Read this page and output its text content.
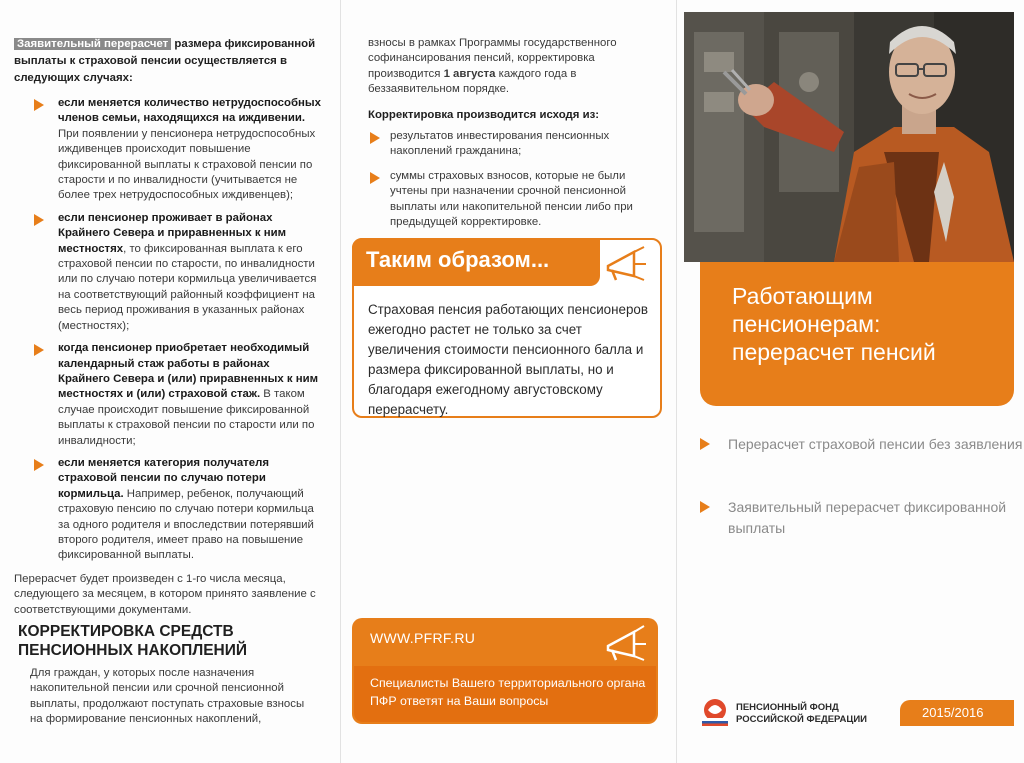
Заявительный перерасчет размера фиксированной выплаты к страховой пенсии осуществляется в следующих случаях:

если меняется количество нетрудоспособных членов семьи, находящихся на иждивении. При появлении у пенсионера нетрудоспособных иждивенцев происходит повышение фиксированной выплаты к страховой пенсии по старости и по инвалидности (учитывается не более трех нетрудоспособных иждивенцев);
если пенсионер проживает в районах Крайнего Севера и приравненных к ним местностях, то фиксированная выплата к его страховой пенсии по старости, по инвалидности или по случаю потери кормильца увеличивается на соответствующий районный коэффициент на весь период проживания в указанных районах (местностях);
когда пенсионер приобретает необходимый календарный стаж работы в районах Крайнего Севера и (или) приравненных к ним местностях и (или) страховой стаж. В таком случае происходит повышение фиксированной выплаты к страховой пенсии по старости или по инвалидности;
если меняется категория получателя страховой пенсии по случаю потери кормильца. Например, ребенок, получающий страховую пенсию по случаю потери кормильца за одного родителя и впоследствии потерявший второго родителя, имеет право на повышение фиксированной выплаты.

Перерасчет будет произведен с 1-го числа месяца, следующего за месяцем, в котором принято заявление с соответствующими документами.

КОРРЕКТИРОВКА СРЕДСТВ ПЕНСИОННЫХ НАКОПЛЕНИЙ

Для граждан, у которых после назначения накопительной пенсии или срочной пенсионной выплаты, продолжают поступать страховые взносы на формирование пенсионных накоплений,

взносы в рамках Программы государственного софинансирования пенсий, корректировка производится 1 августа каждого года в беззаявительном порядке.

Корректировка производится исходя из:

результатов инвестирования пенсионных накоплений гражданина;
суммы страховых взносов, которые не были учтены при назначении срочной пенсионной выплаты или накопительной пенсии либо при предыдущей корректировке.

Таким образом...

Страховая пенсия работающих пенсионеров ежегодно растет не только за счет увеличения стоимости пенсионного балла и размера фиксированной выплаты, но и благодаря ежегодному августовскому перерасчету.

WWW.PFRF.RU

Специалисты Вашего территориального органа ПФР ответят на Ваши вопросы

Работающим пенсионерам: перерасчет пенсий
Перерасчет страховой пенсии без заявления
Заявительный перерасчет фиксированной выплаты

ПЕНСИОННЫЙ ФОНД
РОССИЙСКОЙ ФЕДЕРАЦИИ	2015/2016
